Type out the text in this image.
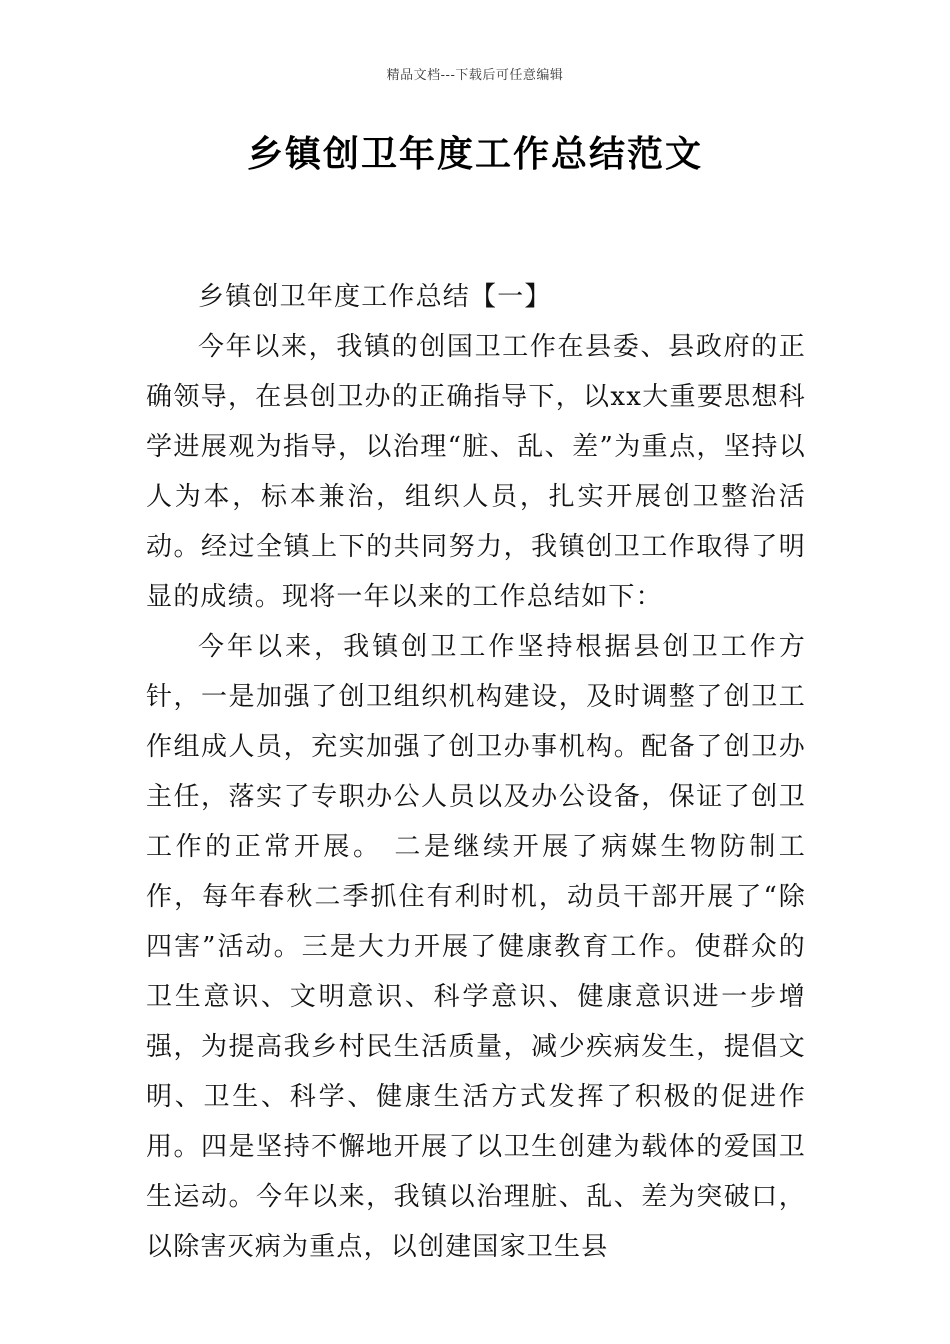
精品文档---下载后可任意编辑
乡镇创卫年度工作总结范文

乡镇创卫年度工作总结【一】

今年以来，我镇的创国卫工作在县委、县政府的正确领导，在县创卫办的正确指导下，以xx大重要思想科学进展观为指导，以治理“脏、乱、差”为重点，坚持以人为本，标本兼治，组织人员，扎实开展创卫整治活动。经过全镇上下的共同努力，我镇创卫工作取得了明显的成绩。现将一年以来的工作总结如下：

今年以来，我镇创卫工作坚持根据县创卫工作方针，一是加强了创卫组织机构建设，及时调整了创卫工作组成人员，充实加强了创卫办事机构。配备了创卫办主任，落实了专职办公人员以及办公设备，保证了创卫工作的正常开展。 二是继续开展了病媒生物防制工作，每年春秋二季抓住有利时机，动员干部开展了“除四害”活动。三是大力开展了健康教育工作。使群众的卫生意识、文明意识、科学意识、健康意识进一步增强，为提高我乡村民生活质量，减少疾病发生，提倡文明、卫生、科学、健康生活方式发挥了积极的促进作用。四是坚持不懈地开展了以卫生创建为载体的爱国卫生运动。今年以来，我镇以治理脏、乱、差为突破口，以除害灭病为重点，以创建国家卫生县
